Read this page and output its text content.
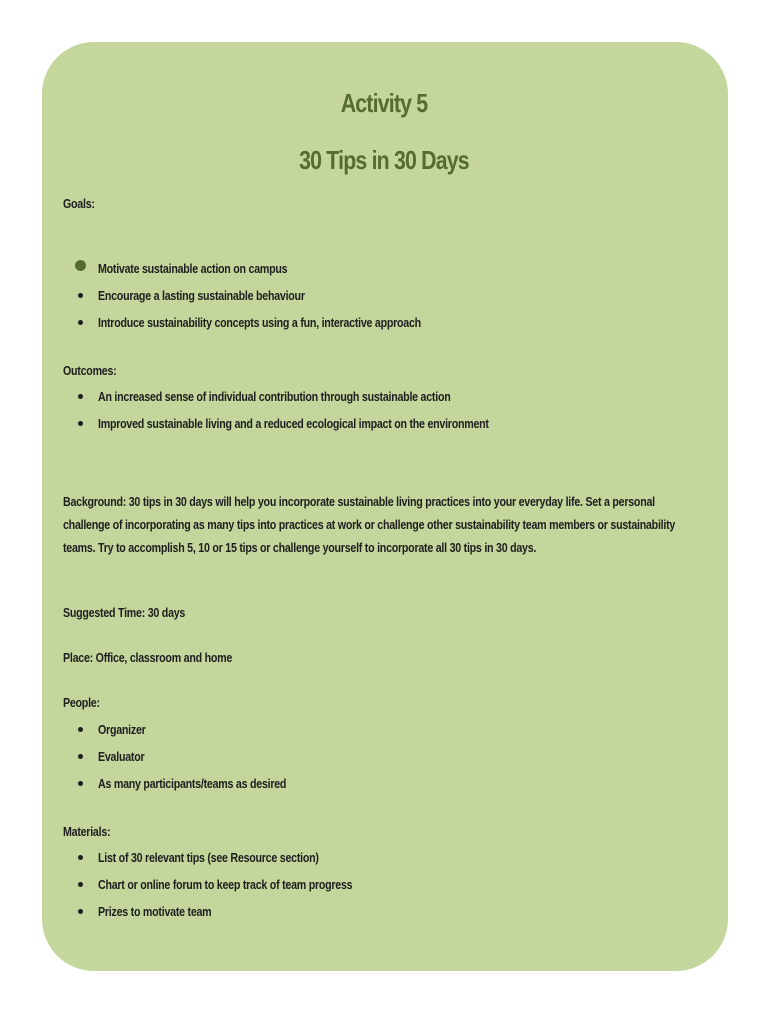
Activity 5
30 Tips in 30 Days

Goals:

Motivate sustainable action on campus
Encourage a lasting sustainable behaviour
Introduce sustainability concepts using a fun, interactive approach

Outcomes:

An increased sense of individual contribution through sustainable action
Improved sustainable living and a reduced ecological impact on the environment

Background: 30 tips in 30 days will help you incorporate sustainable living practices into your everyday life. Set a personal challenge of incorporating as many tips into practices at work or challenge other sustainability team members or sustainability teams. Try to accomplish 5, 10 or 15 tips or challenge yourself to incorporate all 30 tips in 30 days.

Suggested Time: 30 days

Place: Office, classroom and home

People:

Organizer
Evaluator
As many participants/teams as desired

Materials:

List of 30 relevant tips (see Resource section)
Chart or online forum to keep track of team progress
Prizes to motivate team
